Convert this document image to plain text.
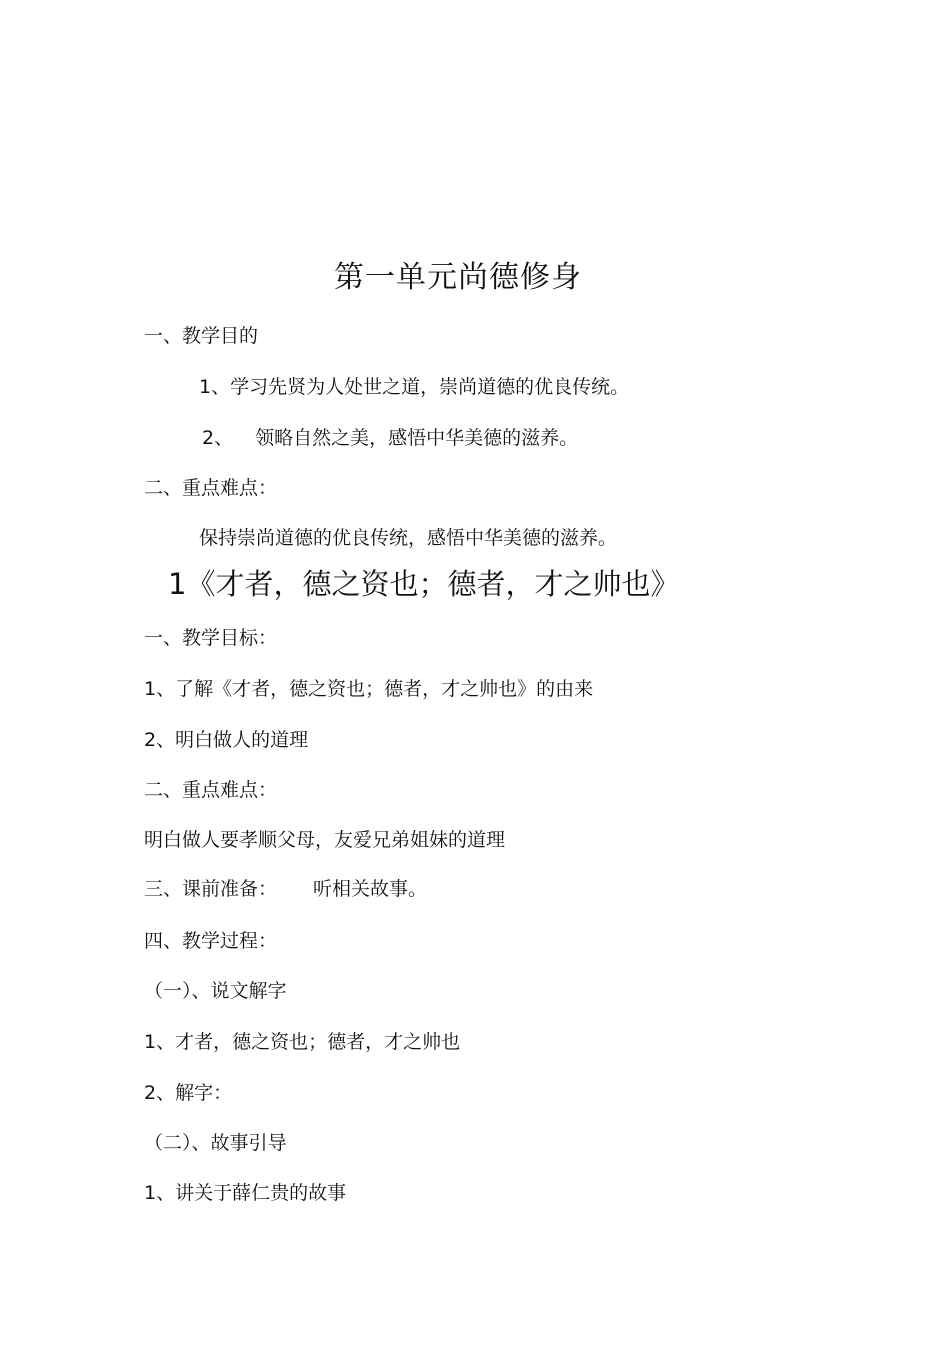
第一单元尚德修身
一、教学目的
1、学习先贤为人处世之道，崇尚道德的优良传统。
2、 领略自然之美，感悟中华美德的滋养。
二、重点难点：
保持崇尚道德的优良传统，感悟中华美德的滋养。
1《才者，德之资也；德者，才之帅也》
一、教学目标：
1、了解《才者，德之资也；德者，才之帅也》的由来
2、明白做人的道理
二、重点难点：
明白做人要孝顺父母，友爱兄弟姐妹的道理
三、课前准备： 听相关故事。
四、教学过程：
（一）、说文解字
1、才者，德之资也；德者，才之帅也
2、解字：
（二）、故事引导
1、讲关于薛仁贵的故事
